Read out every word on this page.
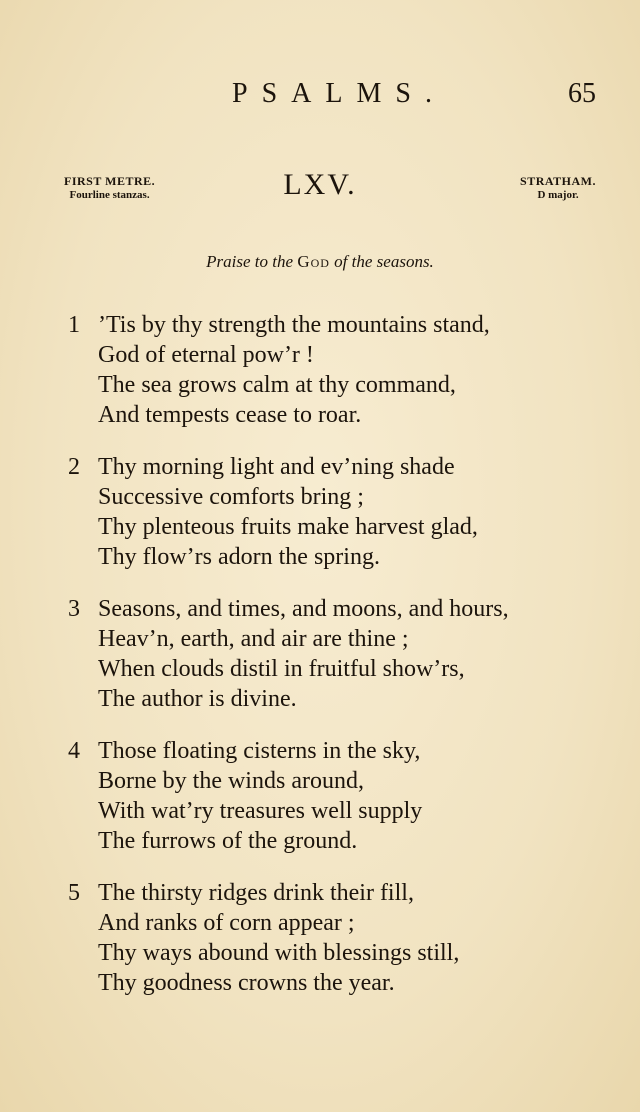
PSALMS.	65
FIRST METRE.
Fourline stanzas.	LXV.	STRATHAM.
D major.
Praise to the God of the seasons.
1 ’Tis by thy strength the mountains stand,
God of eternal pow’r !
The sea grows calm at thy command,
And tempests cease to roar.
2 Thy morning light and ev’ning shade
Successive comforts bring ;
Thy plenteous fruits make harvest glad,
Thy flow’rs adorn the spring.
3 Seasons, and times, and moons, and hours,
Heav’n, earth, and air are thine ;
When clouds distil in fruitful show’rs,
The author is divine.
4 Those floating cisterns in the sky,
Borne by the winds around,
With wat’ry treasures well supply
The furrows of the ground.
5 The thirsty ridges drink their fill,
And ranks of corn appear ;
Thy ways abound with blessings still,
Thy goodness crowns the year.
